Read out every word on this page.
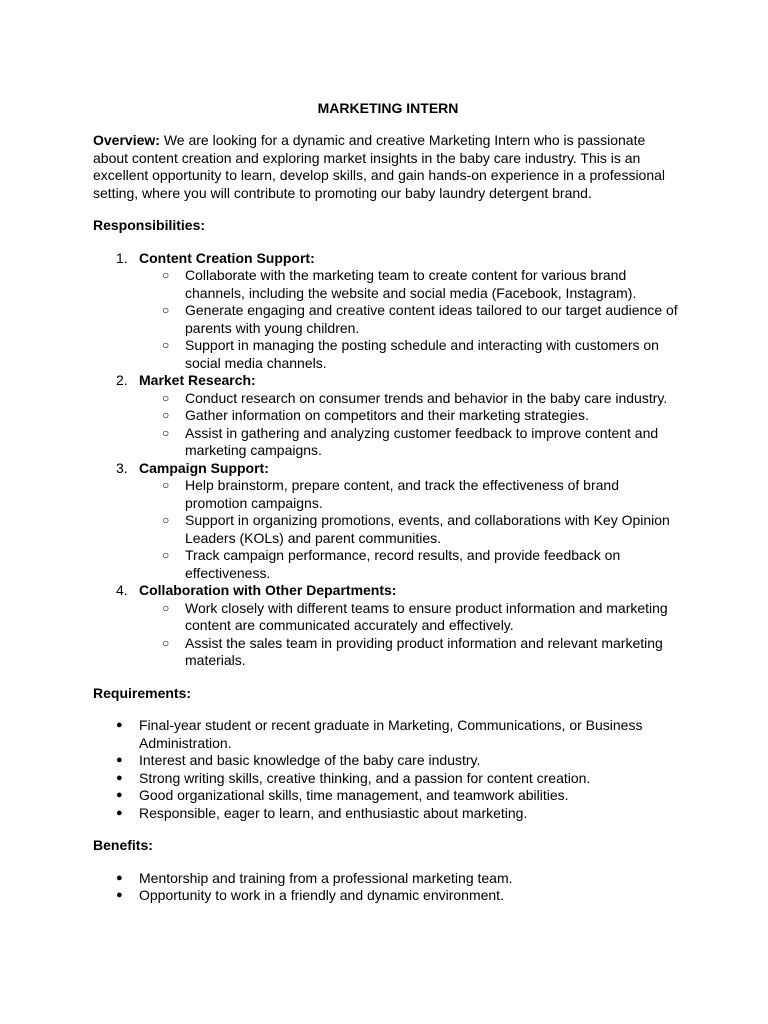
MARKETING INTERN

Overview: We are looking for a dynamic and creative Marketing Intern who is passionate about content creation and exploring market insights in the baby care industry. This is an excellent opportunity to learn, develop skills, and gain hands-on experience in a professional setting, where you will contribute to promoting our baby laundry detergent brand.

Responsibilities:
1. Content Creation Support:
○ Collaborate with the marketing team to create content for various brand channels, including the website and social media (Facebook, Instagram).
○ Generate engaging and creative content ideas tailored to our target audience of parents with young children.
○ Support in managing the posting schedule and interacting with customers on social media channels.
2. Market Research:
○ Conduct research on consumer trends and behavior in the baby care industry.
○ Gather information on competitors and their marketing strategies.
○ Assist in gathering and analyzing customer feedback to improve content and marketing campaigns.
3. Campaign Support:
○ Help brainstorm, prepare content, and track the effectiveness of brand promotion campaigns.
○ Support in organizing promotions, events, and collaborations with Key Opinion Leaders (KOLs) and parent communities.
○ Track campaign performance, record results, and provide feedback on effectiveness.
4. Collaboration with Other Departments:
○ Work closely with different teams to ensure product information and marketing content are communicated accurately and effectively.
○ Assist the sales team in providing product information and relevant marketing materials.
Requirements:
● Final-year student or recent graduate in Marketing, Communications, or Business Administration.
● Interest and basic knowledge of the baby care industry.
● Strong writing skills, creative thinking, and a passion for content creation.
● Good organizational skills, time management, and teamwork abilities.
● Responsible, eager to learn, and enthusiastic about marketing.
Benefits:
● Mentorship and training from a professional marketing team.
● Opportunity to work in a friendly and dynamic environment.
